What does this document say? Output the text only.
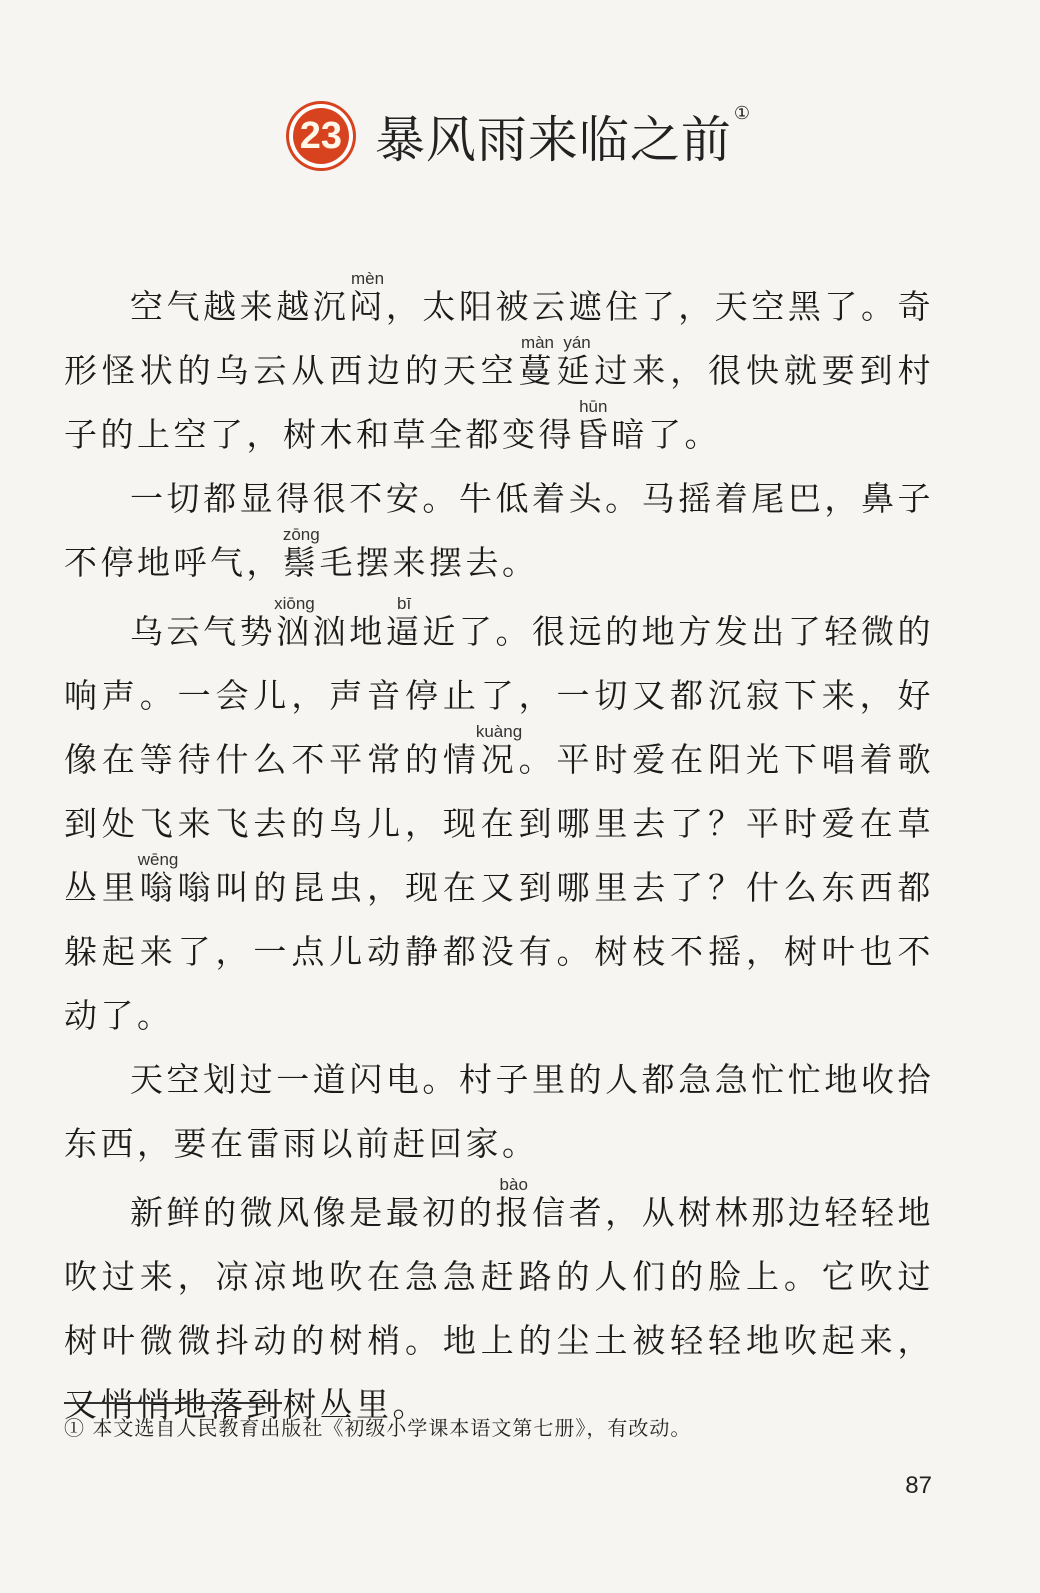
23 暴风雨来临之前 ①

空气越来越沉闷mèn，太阳被云遮住了，天空黑了。奇形怪状的乌云从西边的天空蔓延màn yán过来，很快就要到村子的上空了，树木和草全都变得昏hūn暗了。

一切都显得很不安。牛低着头。马摇着尾巴，鼻子不停地呼气，鬃zōng毛摆来摆去。

乌云气势汹xiōng汹地逼bī近了。很远的地方发出了轻微的响声。一会儿，声音停止了，一切又都沉寂下来，好像在等待什么不平常的情况kuàng。平时爱在阳光下唱着歌到处飞来飞去的鸟儿，现在到哪里去了？平时爱在草丛里嗡wēng嗡叫的昆虫，现在又到哪里去了？什么东西都躲起来了，一点儿动静都没有。树枝不摇，树叶也不动了。

天空划过一道闪电。村子里的人都急急忙忙地收拾东西，要在雷雨以前赶回家。

新鲜的微风像是最初的报bào信者，从树林那边轻轻地吹过来，凉凉地吹在急急赶路的人们的脸上。它吹过树叶微微抖动的树梢。地上的尘土被轻轻地吹起来，又悄悄地落到树丛里。

① 本文选自人民教育出版社《初级小学课本语文第七册》，有改动。
87
